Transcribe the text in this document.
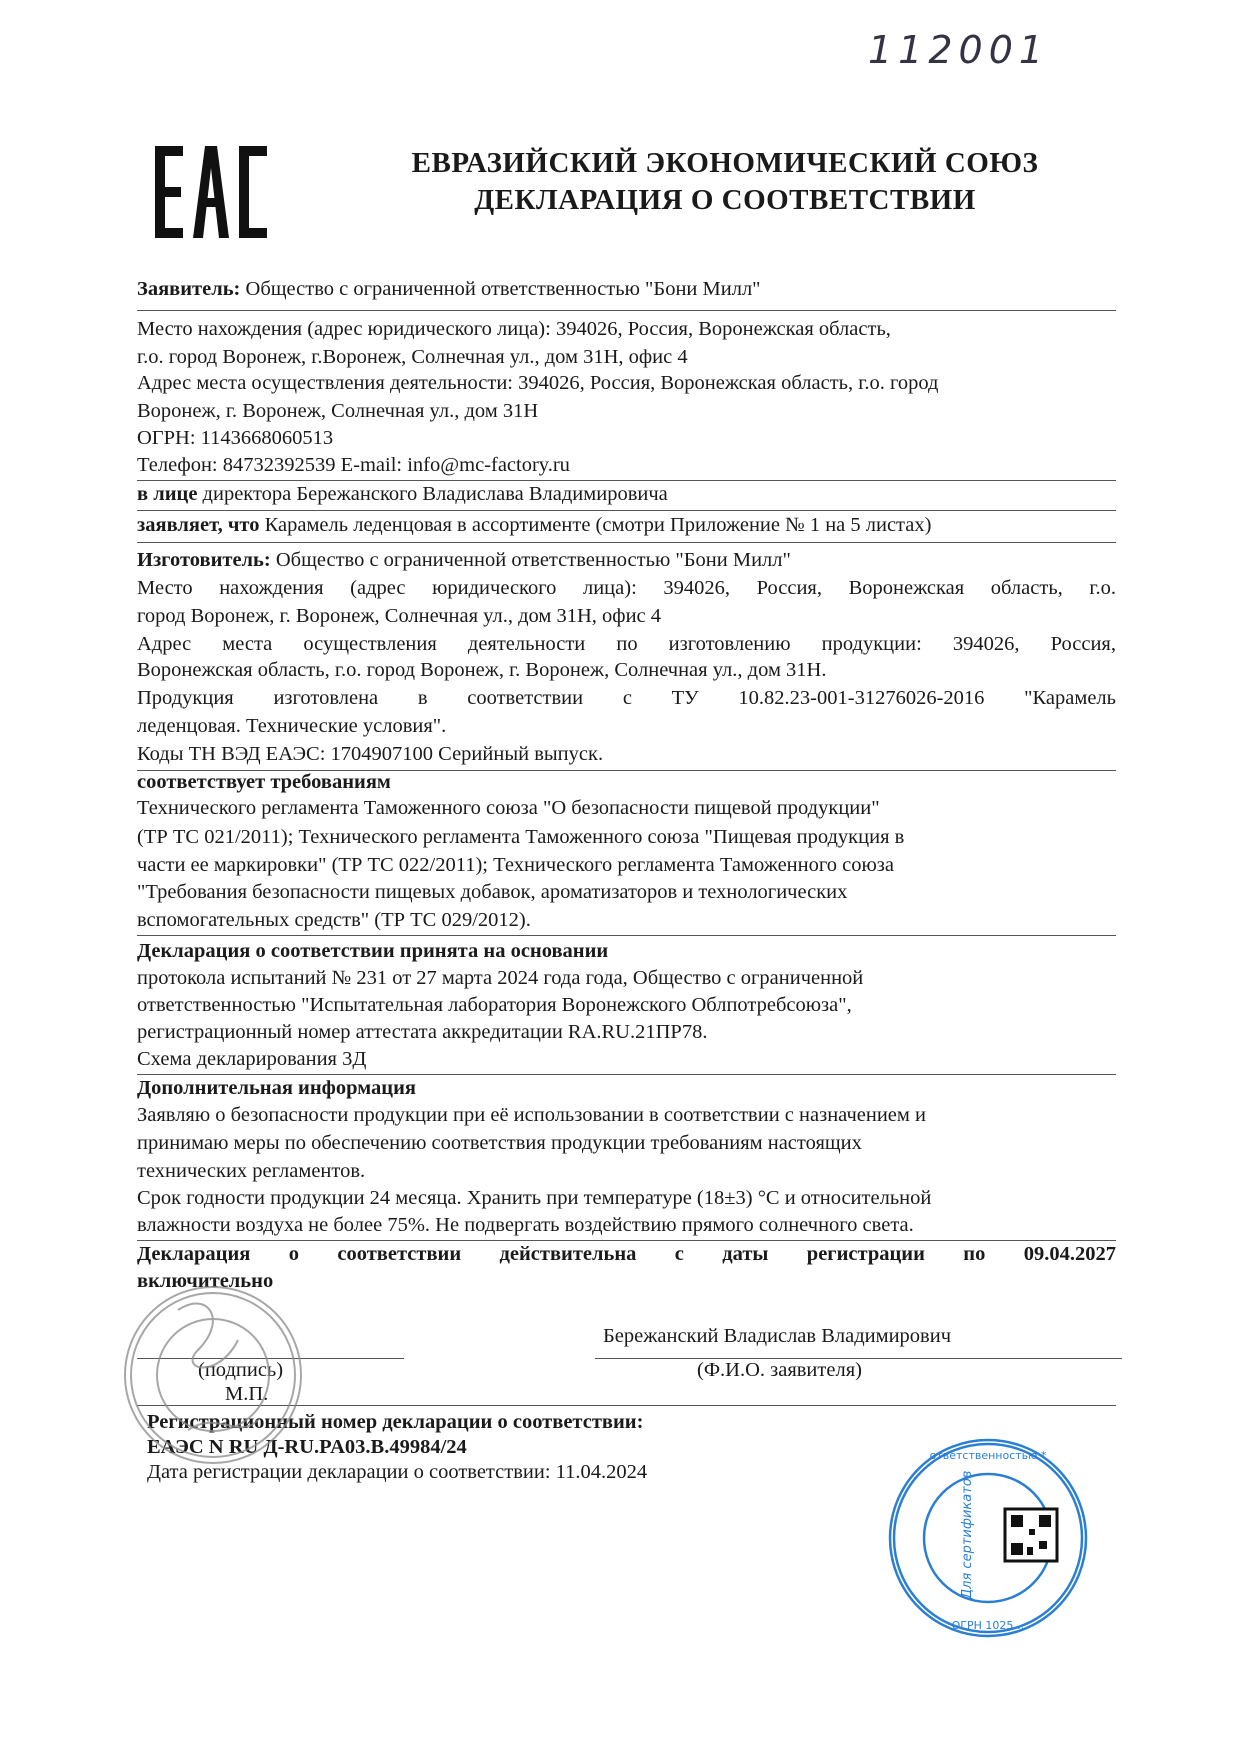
112001
ЕВРАЗИЙСКИЙ ЭКОНОМИЧЕСКИЙ СОЮЗ
ДЕКЛАРАЦИЯ О СООТВЕТСТВИИ
Заявитель: Общество с ограниченной ответственностью "Бони Милл"
Место нахождения (адрес юридического лица): 394026, Россия, Воронежская область,
г.о. город Воронеж, г.Воронеж, Солнечная ул., дом 31Н, офис 4
Адрес места осуществления деятельности: 394026, Россия, Воронежская область, г.о. город
Воронеж, г. Воронеж, Солнечная ул., дом 31Н
ОГРН: 1143668060513
Телефон: 84732392539 E-mail: info@mc-factory.ru
в лице директора Бережанского Владислава Владимировича
заявляет, что Карамель леденцовая в ассортименте (смотри Приложение № 1 на 5 листах)
Изготовитель: Общество с ограниченной ответственностью "Бони Милл"
Место нахождения (адрес юридического лица): 394026, Россия, Воронежская область, г.о.
город Воронеж, г. Воронеж, Солнечная ул., дом 31Н, офис 4
Адрес места осуществления деятельности по изготовлению продукции: 394026, Россия,
Воронежская область, г.о. город Воронеж, г. Воронеж, Солнечная ул., дом 31Н.
Продукция изготовлена в соответствии с ТУ 10.82.23-001-31276026-2016 "Карамель
леденцовая. Технические условия".
Коды ТН ВЭД ЕАЭС: 1704907100 Серийный выпуск.
соответствует требованиям
Технического регламента Таможенного союза "О безопасности пищевой продукции"
(ТР ТС 021/2011); Технического регламента Таможенного союза "Пищевая продукция в
части ее маркировки" (ТР ТС 022/2011); Технического регламента Таможенного союза
"Требования безопасности пищевых добавок, ароматизаторов и технологических
вспомогательных средств" (ТР ТС 029/2012).
Декларация о соответствии принята на основании
протокола испытаний № 231 от 27 марта 2024 года года, Общество с ограниченной
ответственностью "Испытательная лаборатория Воронежского Облпотребсоюза",
регистрационный номер аттестата аккредитации RA.RU.21ПР78.
Схема декларирования 3Д
Дополнительная информация
Заявляю о безопасности продукции при её использовании в соответствии с назначением и
принимаю меры по обеспечению соответствия продукции требованиям настоящих
технических регламентов.
Срок годности продукции 24 месяца. Хранить при температуре (18±3) °С и относительной
влажности воздуха не более 75%. Не подвергать воздействию прямого солнечного света.
Декларация о соответствии действительна с даты регистрации по 09.04.2027
включительно
Бережанский Владислав Владимирович
(подпись)	(Ф.И.О. заявителя)
М.П.
Регистрационный номер декларации о соответствии:
ЕАЭС N RU Д-RU.PA03.B.49984/24
Дата регистрации декларации о соответствии: 11.04.2024
ответственностью *
ОГРН 1025…
Для сертификатов
